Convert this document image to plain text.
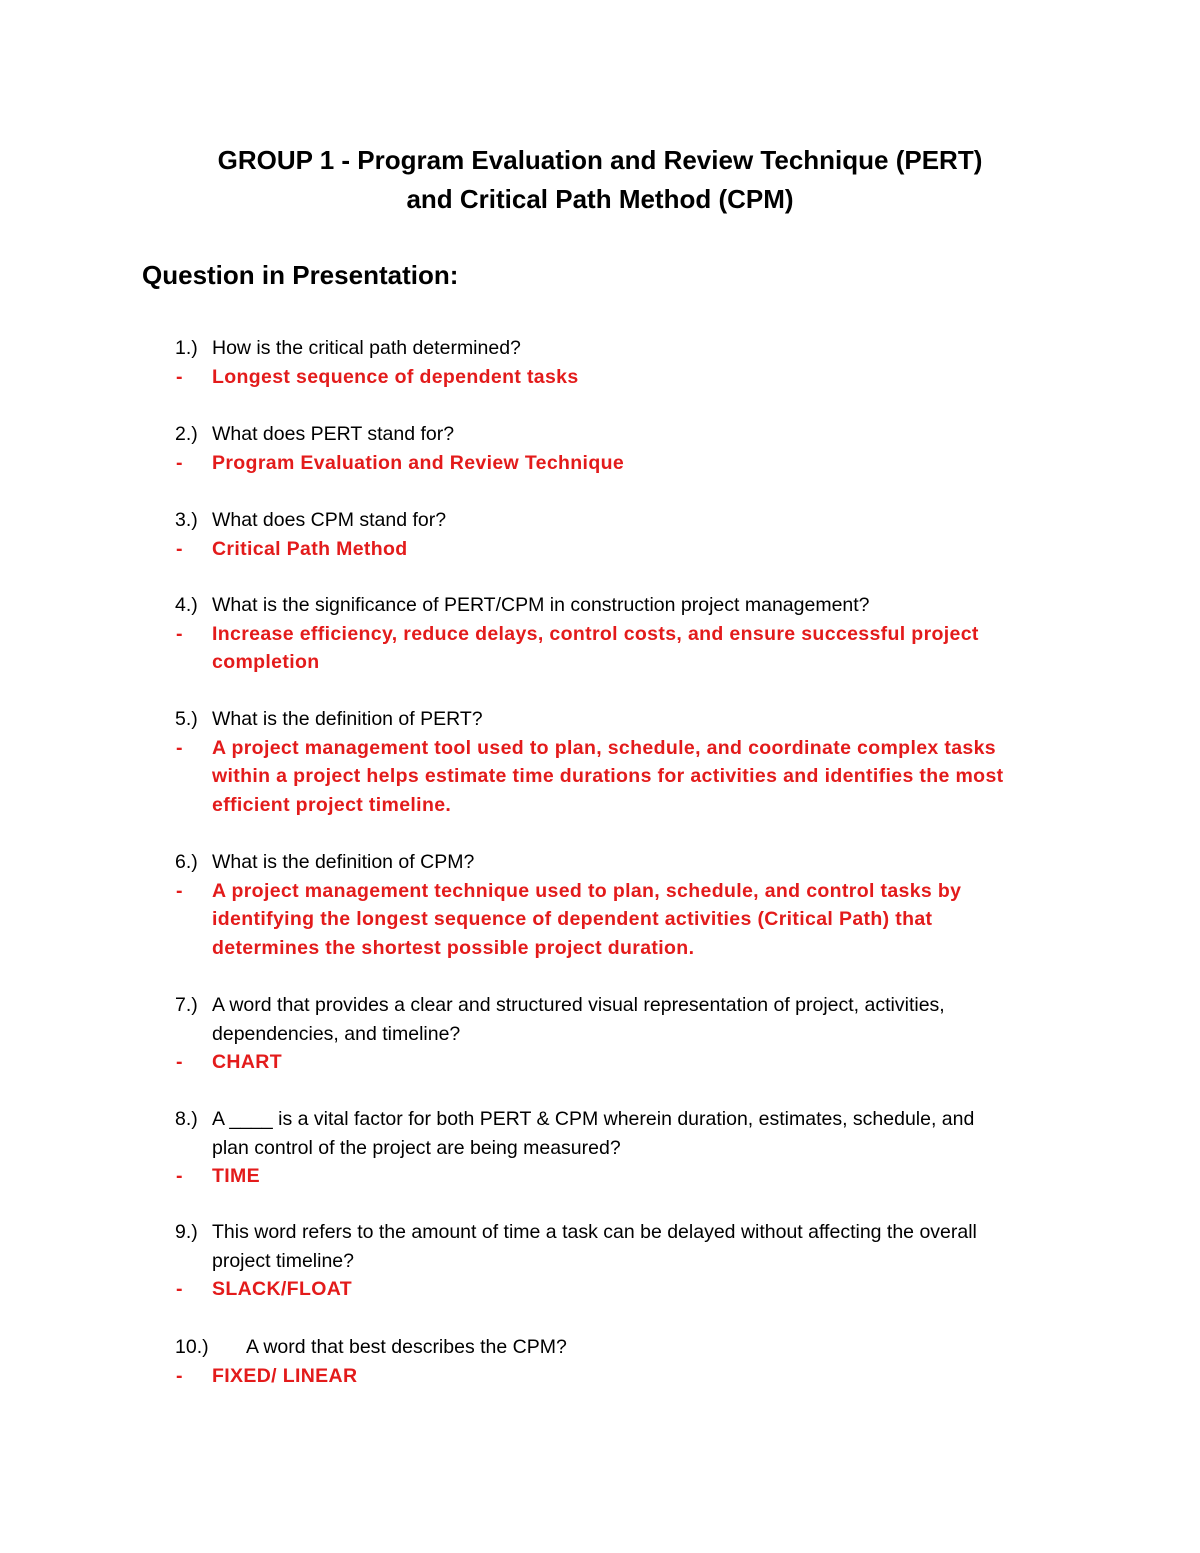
GROUP 1 - Program Evaluation and Review Technique (PERT)
and Critical Path Method (CPM)
Question in Presentation:
1.) How is the critical path determined?
- Longest sequence of dependent tasks
2.) What does PERT stand for?
- Program Evaluation and Review Technique
3.) What does CPM stand for?
- Critical Path Method
4.) What is the significance of PERT/CPM in construction project management?
- Increase efficiency, reduce delays, control costs, and ensure successful project
completion
5.) What is the definition of PERT?
- A project management tool used to plan, schedule, and coordinate complex tasks
within a project helps estimate time durations for activities and identifies the most
efficient project timeline.
6.) What is the definition of CPM?
- A project management technique used to plan, schedule, and control tasks by
identifying the longest sequence of dependent activities (Critical Path) that
determines the shortest possible project duration.
7.) A word that provides a clear and structured visual representation of project, activities,
dependencies, and timeline?
- CHART
8.) A ____ is a vital factor for both PERT & CPM wherein duration, estimates, schedule, and
plan control of the project are being measured?
- TIME
9.) This word refers to the amount of time a task can be delayed without affecting the overall
project timeline?
- SLACK/FLOAT
10.) A word that best describes the CPM?
- FIXED/ LINEAR
